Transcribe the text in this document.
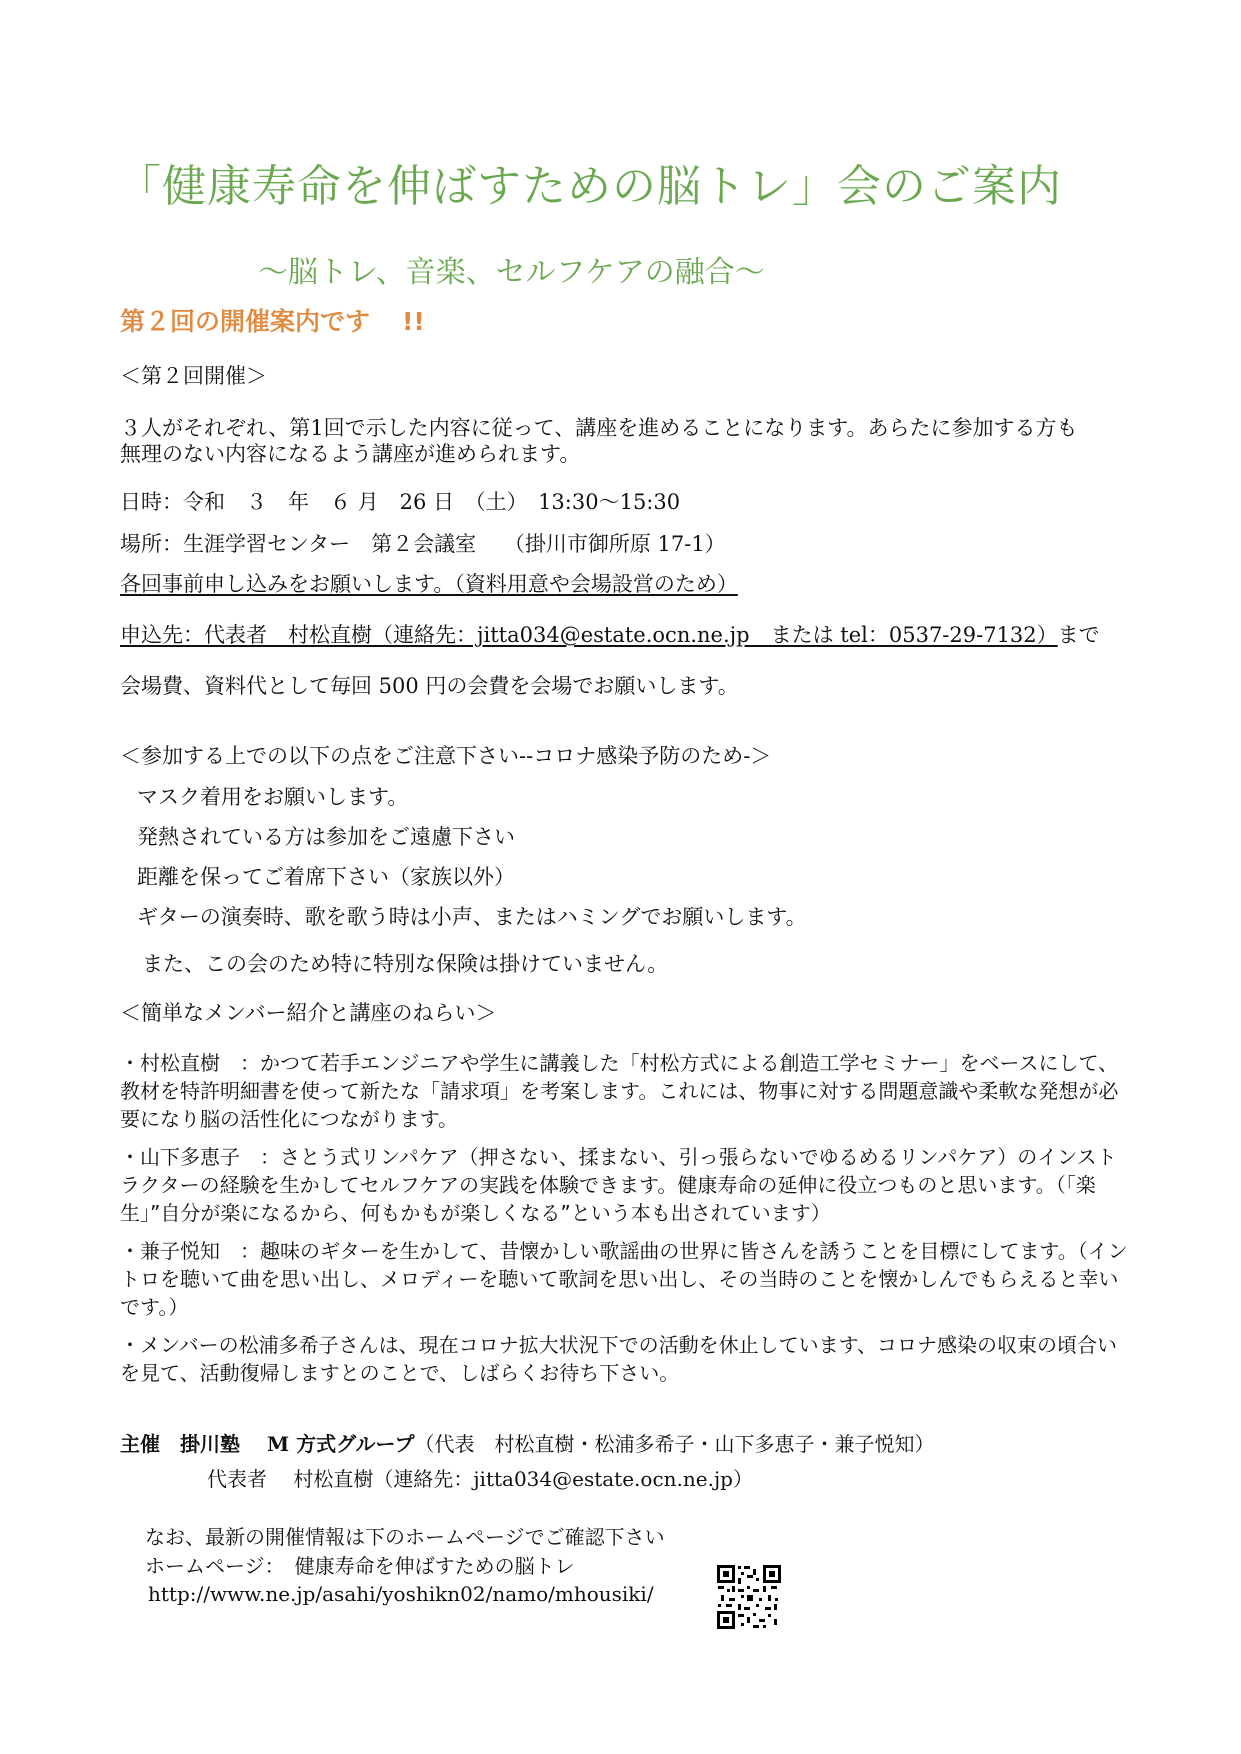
「健康寿命を伸ばすための脳トレ」会のご案内
〜脳トレ、音楽、セルフケアの融合〜
第２回の開催案内です !!
＜第２回開催＞
３人がそれぞれ、第1回で示した内容に従って、講座を進めることになります。あらたに参加する方も
無理のない内容になるよう講座が進められます。
日時：令和　３　年　６ 月　26 日　（土）　13:30〜15:30
場所：生涯学習センター　第２会議室　 （掛川市御所原 17-1）
各回事前申し込みをお願いします。（資料用意や会場設営のため）
申込先：代表者　村松直樹（連絡先：jitta034@estate.ocn.ne.jp　または tel：0537-29-7132）まで
会場費、資料代として毎回 500 円の会費を会場でお願いします。
＜参加する上での以下の点をご注意下さい--コロナ感染予防のため-＞
マスク着用をお願いします。
発熱されている方は参加をご遠慮下さい
距離を保ってご着席下さい（家族以外）
ギターの演奏時、歌を歌う時は小声、またはハミングでお願いします。
また、この会のため特に特別な保険は掛けていません。
＜簡単なメンバー紹介と講座のねらい＞
・村松直樹　：かつて若手エンジニアや学生に講義した「村松方式による創造工学セミナー」をベースにして、教材を特許明細書を使って新たな「請求項」を考案します。これには、物事に対する問題意識や柔軟な発想が必要になり脳の活性化につながります。
・山下多恵子　：さとう式リンパケア（押さない、揉まない、引っ張らないでゆるめるリンパケア）のインストラクターの経験を生かしてセルフケアの実践を体験できます。健康寿命の延伸に役立つものと思います。（「楽生」”自分が楽になるから、何もかもが楽しくなる”という本も出されています）
・兼子悦知　：趣味のギターを生かして、昔懐かしい歌謡曲の世界に皆さんを誘うことを目標にしてます。（イントロを聴いて曲を思い出し、メロディーを聴いて歌詞を思い出し、その当時のことを懐かしんでもらえると幸いです。）
・メンバーの松浦多希子さんは、現在コロナ拡大状況下での活動を休止しています、コロナ感染の収束の頃合いを見て、活動復帰しますとのことで、しばらくお待ち下さい。
主催　掛川塾　 M 方式グループ（代表　村松直樹・松浦多希子・山下多恵子・兼子悦知）
代表者　 村松直樹（連絡先：jitta034@estate.ocn.ne.jp）
なお、最新の開催情報は下のホームページでご確認下さい
ホームページ：　健康寿命を伸ばすための脳トレ
http://www.ne.jp/asahi/yoshikn02/namo/mhousiki/
